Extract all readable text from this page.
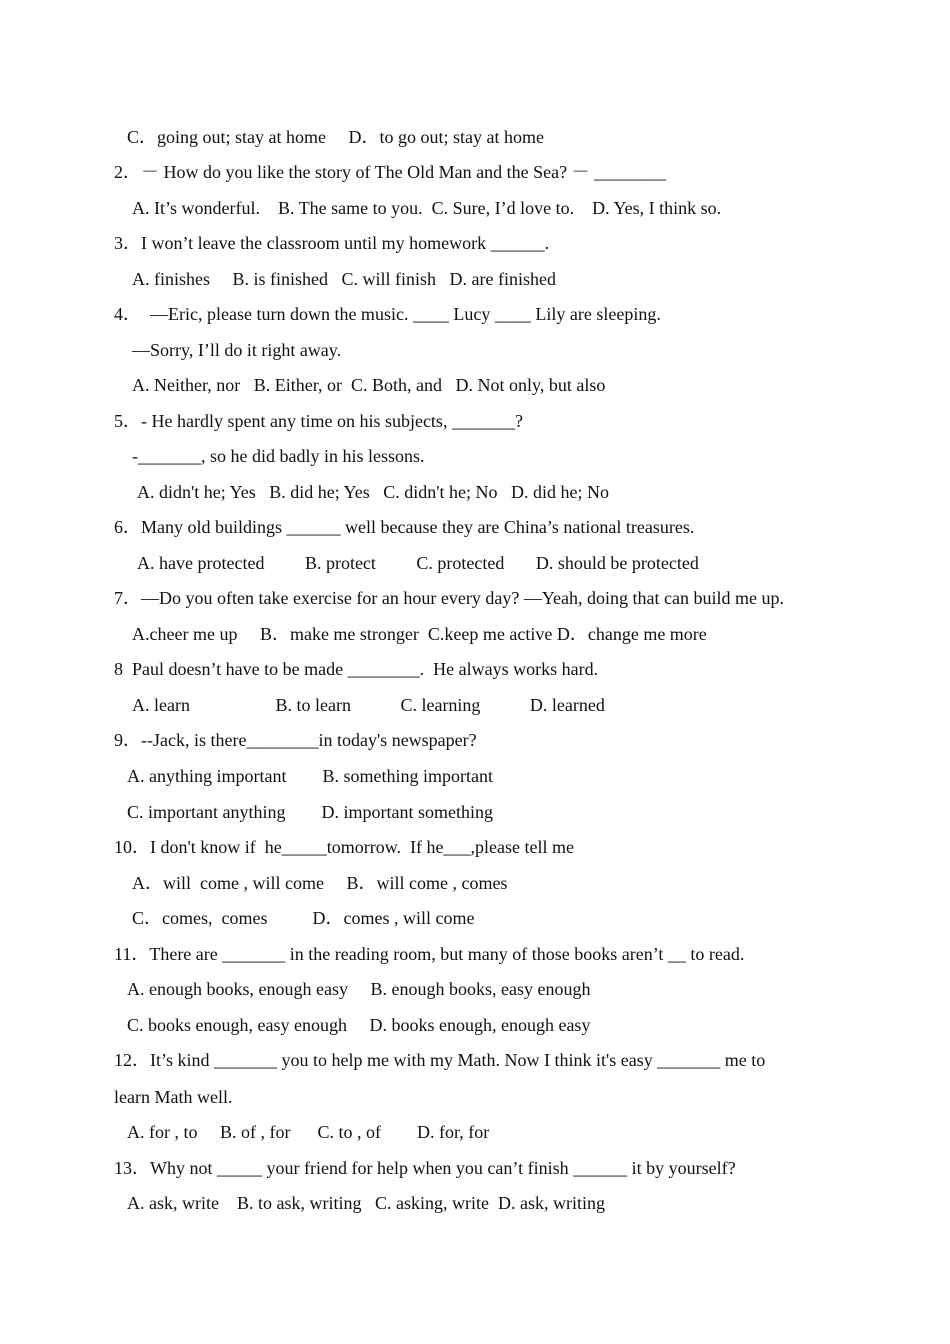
C．going out; stay at home     D．to go out; stay at home
2．－ How do you like the story of The Old Man and the Sea? － ________
A. It’s wonderful.    B. The same to you.  C. Sure, I’d love to.    D. Yes, I think so.
3．I won’t leave the classroom until my homework ______.
A. finishes     B. is finished   C. will finish   D. are finished
4．  —Eric, please turn down the music. ____ Lucy ____ Lily are sleeping.
—Sorry, I’ll do it right away.
A. Neither, nor   B. Either, or  C. Both, and   D. Not only, but also
5．- He hardly spent any time on his subjects, _______?
-_______, so he did badly in his lessons.
A. didn't he; Yes   B. did he; Yes   C. didn't he; No   D. did he; No
6．Many old buildings ______ well because they are China’s national treasures.
A. have protected         B. protect         C. protected       D. should be protected
7．—Do you often take exercise for an hour every day? —Yeah, doing that can build me up.
A.cheer me up     B．make me stronger  C.keep me active D．change me more
8  Paul doesn’t have to be made ________.  He always works hard.
A. learn                   B. to learn           C. learning           D. learned
9．--Jack, is there________in today's newspaper?
A. anything important        B. something important
C. important anything        D. important something
10．I don't know if  he_____tomorrow.  If he___,please tell me
A．will  come , will come     B．will come , comes
C．comes,  comes          D．comes , will come
11．There are _______ in the reading room, but many of those books aren’t __ to read.
A. enough books, enough easy     B. enough books, easy enough
C. books enough, easy enough     D. books enough, enough easy
12．It’s kind _______ you to help me with my Math. Now I think it's easy _______ me to
learn Math well.
A. for , to     B. of , for      C. to , of        D. for, for
13．Why not _____ your friend for help when you can’t finish ______ it by yourself?
A. ask, write    B. to ask, writing   C. asking, write  D. ask, writing
